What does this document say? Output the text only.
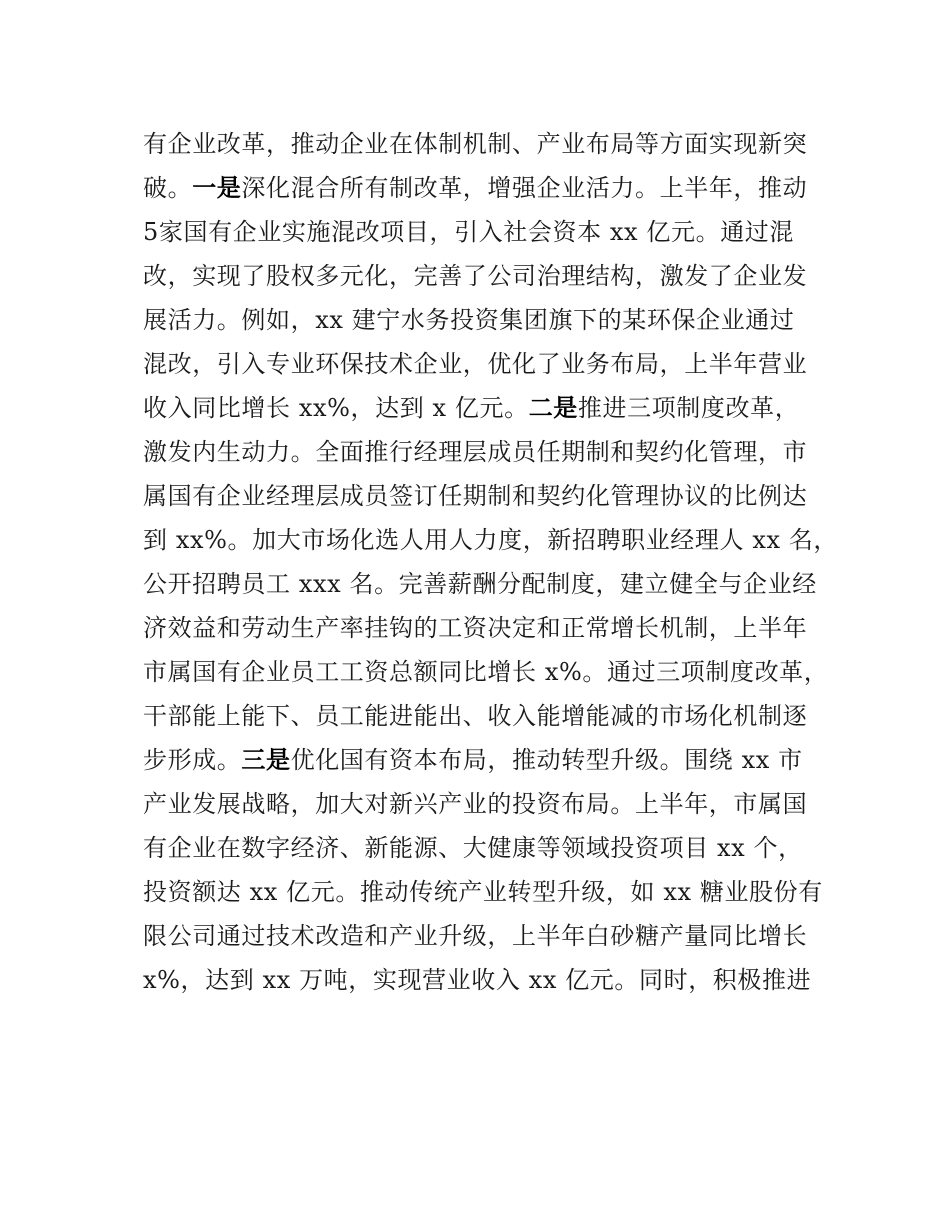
有企业改革，推动企业在体制机制、产业布局等方面实现新突
破。一是深化混合所有制改革，增强企业活力。上半年，推动
5家国有企业实施混改项目，引入社会资本 xx 亿元。通过混
改，实现了股权多元化，完善了公司治理结构，激发了企业发
展活力。例如，xx 建宁水务投资集团旗下的某环保企业通过
混改，引入专业环保技术企业，优化了业务布局，上半年营业
收入同比增长 xx%，达到 x 亿元。二是推进三项制度改革，
激发内生动力。全面推行经理层成员任期制和契约化管理，市
属国有企业经理层成员签订任期制和契约化管理协议的比例达
到 xx%。加大市场化选人用人力度，新招聘职业经理人 xx 名，
公开招聘员工 xxx 名。完善薪酬分配制度，建立健全与企业经
济效益和劳动生产率挂钩的工资决定和正常增长机制，上半年
市属国有企业员工工资总额同比增长 x%。通过三项制度改革，
干部能上能下、员工能进能出、收入能增能减的市场化机制逐
步形成。三是优化国有资本布局，推动转型升级。围绕 xx 市
产业发展战略，加大对新兴产业的投资布局。上半年，市属国
有企业在数字经济、新能源、大健康等领域投资项目 xx 个，
投资额达 xx 亿元。推动传统产业转型升级，如 xx 糖业股份有
限公司通过技术改造和产业升级，上半年白砂糖产量同比增长
x%，达到 xx 万吨，实现营业收入 xx 亿元。同时，积极推进
